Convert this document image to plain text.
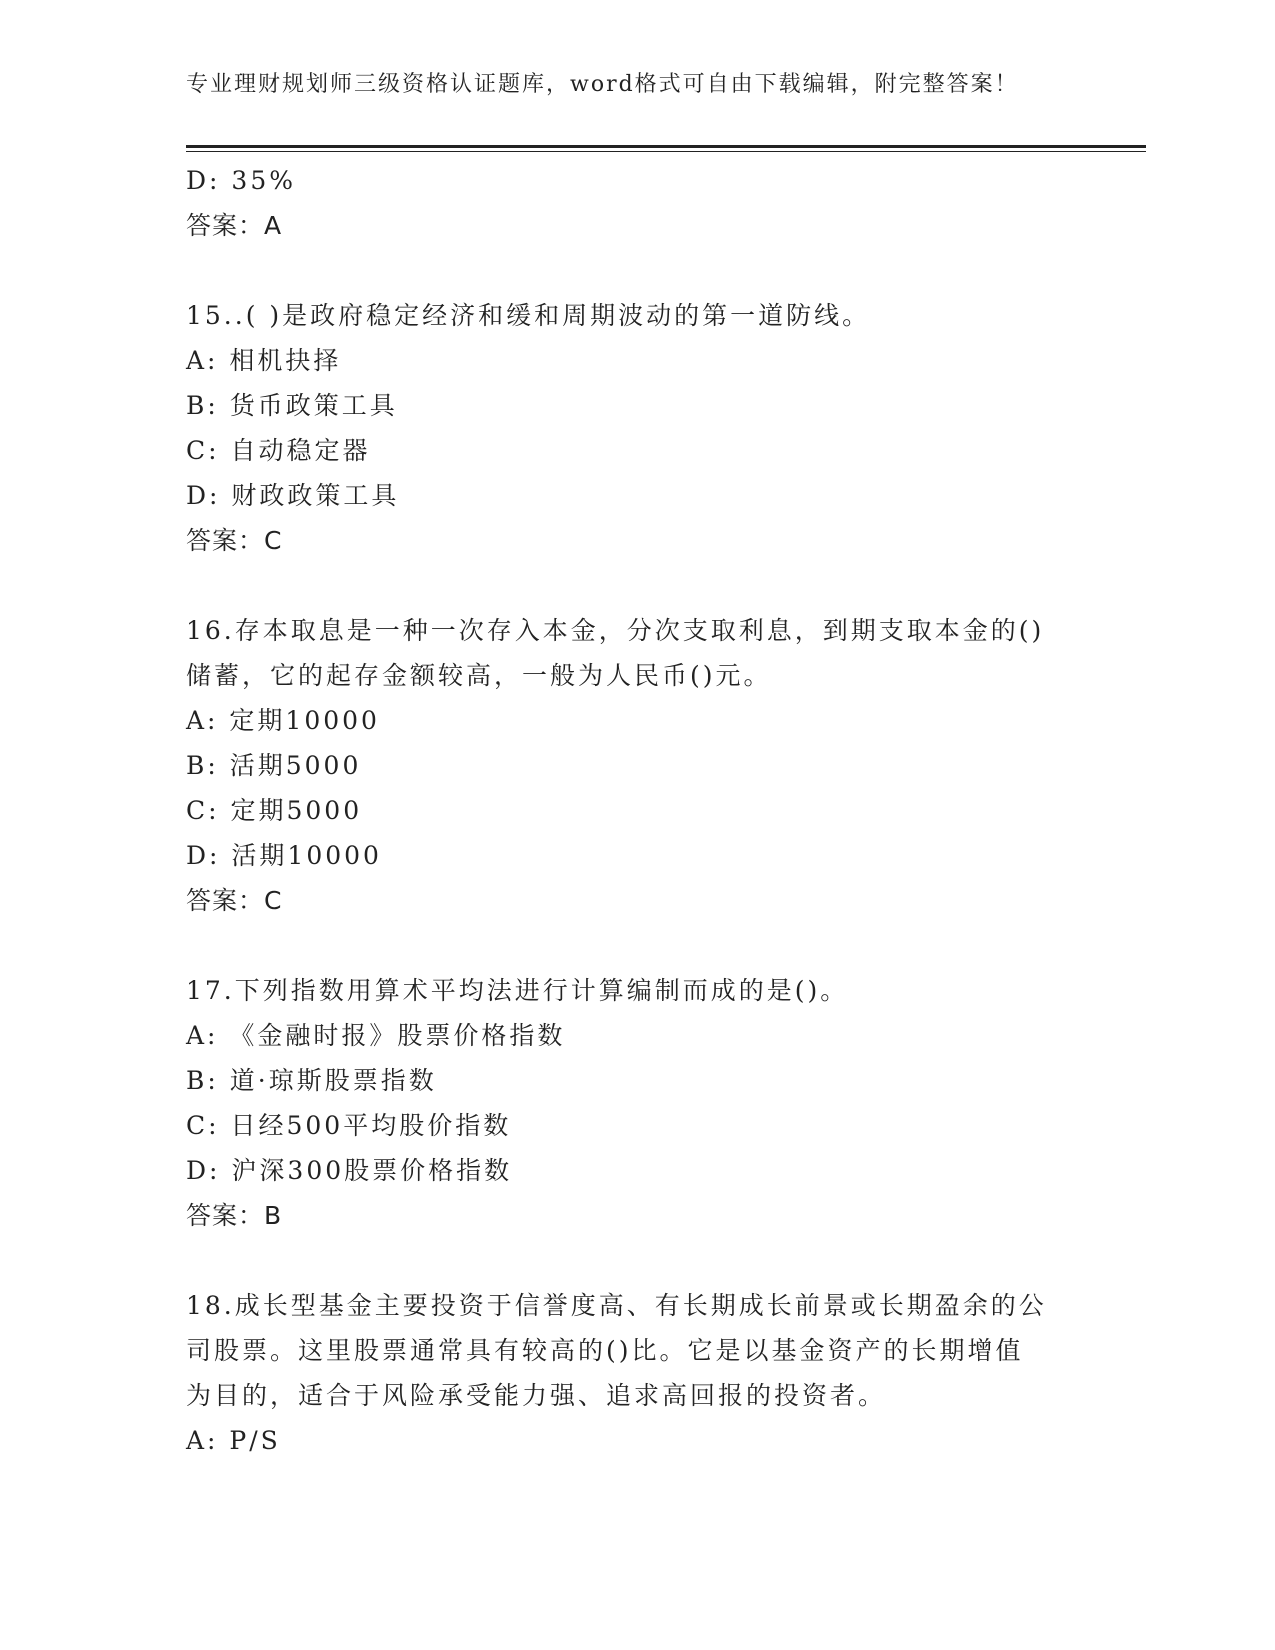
专业理财规划师三级资格认证题库，word格式可自由下载编辑，附完整答案！
D: 35%
答案：A
15..( )是政府稳定经济和缓和周期波动的第一道防线。
A: 相机抉择
B: 货币政策工具
C: 自动稳定器
D: 财政政策工具
答案：C
16.存本取息是一种一次存入本金，分次支取利息，到期支取本金的()
储蓄，它的起存金额较高，一般为人民币()元。
A: 定期10000
B: 活期5000
C: 定期5000
D: 活期10000
答案：C
17.下列指数用算术平均法进行计算编制而成的是()。
A: 《金融时报》股票价格指数
B: 道·琼斯股票指数
C: 日经500平均股价指数
D: 沪深300股票价格指数
答案：B
18.成长型基金主要投资于信誉度高、有长期成长前景或长期盈余的公
司股票。这里股票通常具有较高的()比。它是以基金资产的长期增值
为目的，适合于风险承受能力强、追求高回报的投资者。
A: P/S
